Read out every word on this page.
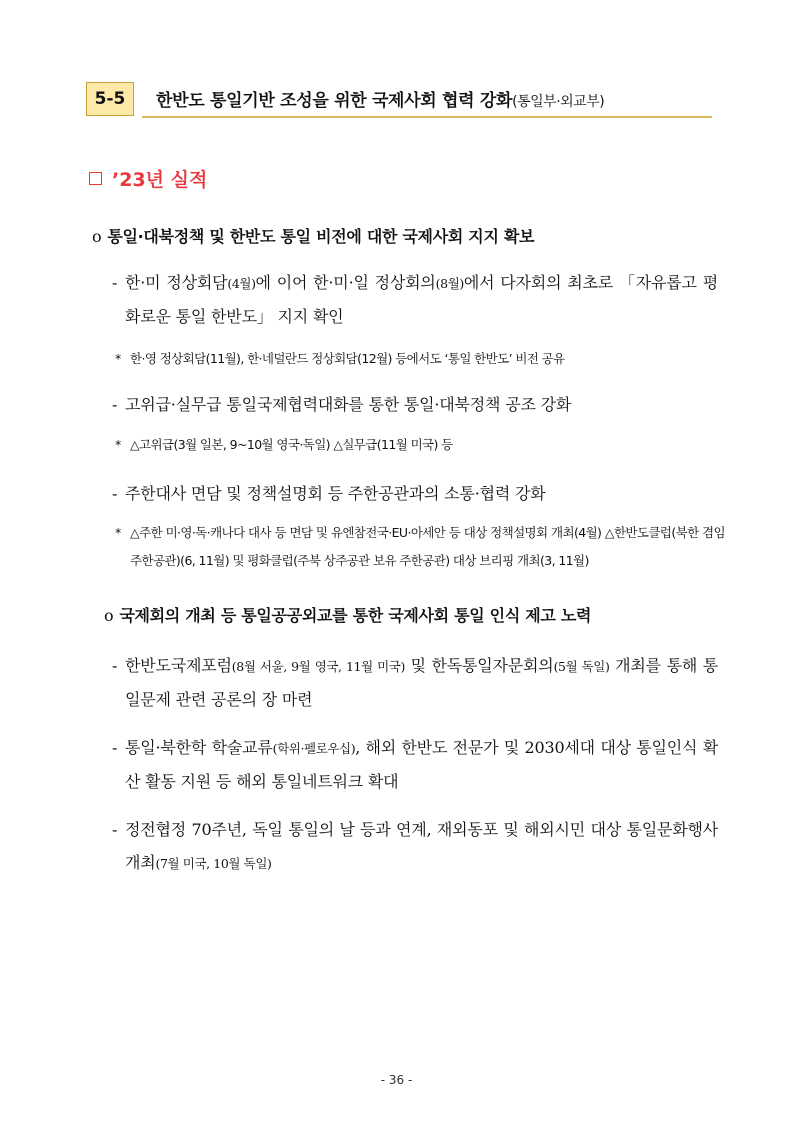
5-5	한반도 통일기반 조성을 위한 국제사회 협력 강화(통일부·외교부)
’23년 실적
o 통일·대북정책 및 한반도 통일 비전에 대한 국제사회 지지 확보
- 한·미 정상회담(4월)에 이어 한·미·일 정상회의(8월)에서 다자회의 최초로 「자유롭고 평화로운 통일 한반도」 지지 확인
* 한·영 정상회담(11월), 한·네덜란드 정상회담(12월) 등에서도 ‘통일 한반도’ 비전 공유
- 고위급·실무급 통일국제협력대화를 통한 통일·대북정책 공조 강화
* △고위급(3월 일본, 9~10월 영국·독일) △실무급(11월 미국) 등
- 주한대사 면담 및 정책설명회 등 주한공관과의 소통·협력 강화
* △주한 미·영·독·캐나다 대사 등 면담 및 유엔참전국·EU·아세안 등 대상 정책설명회 개최(4월) △한반도클럽(북한 겸임 주한공관)(6, 11월) 및 평화클럽(주북 상주공관 보유 주한공관) 대상 브리핑 개최(3, 11월)
o 국제회의 개최 등 통일공공외교를 통한 국제사회 통일 인식 제고 노력
- 한반도국제포럼(8월 서울, 9월 영국, 11월 미국) 및 한독통일자문회의(5월 독일) 개최를 통해 통일문제 관련 공론의 장 마련
- 통일·북한학 학술교류(학위·펠로우십), 해외 한반도 전문가 및 2030세대 대상 통일인식 확산 활동 지원 등 해외 통일네트워크 확대
- 정전협정 70주년, 독일 통일의 날 등과 연계, 재외동포 및 해외시민 대상 통일문화행사 개최(7월 미국, 10월 독일)
- 36 -
